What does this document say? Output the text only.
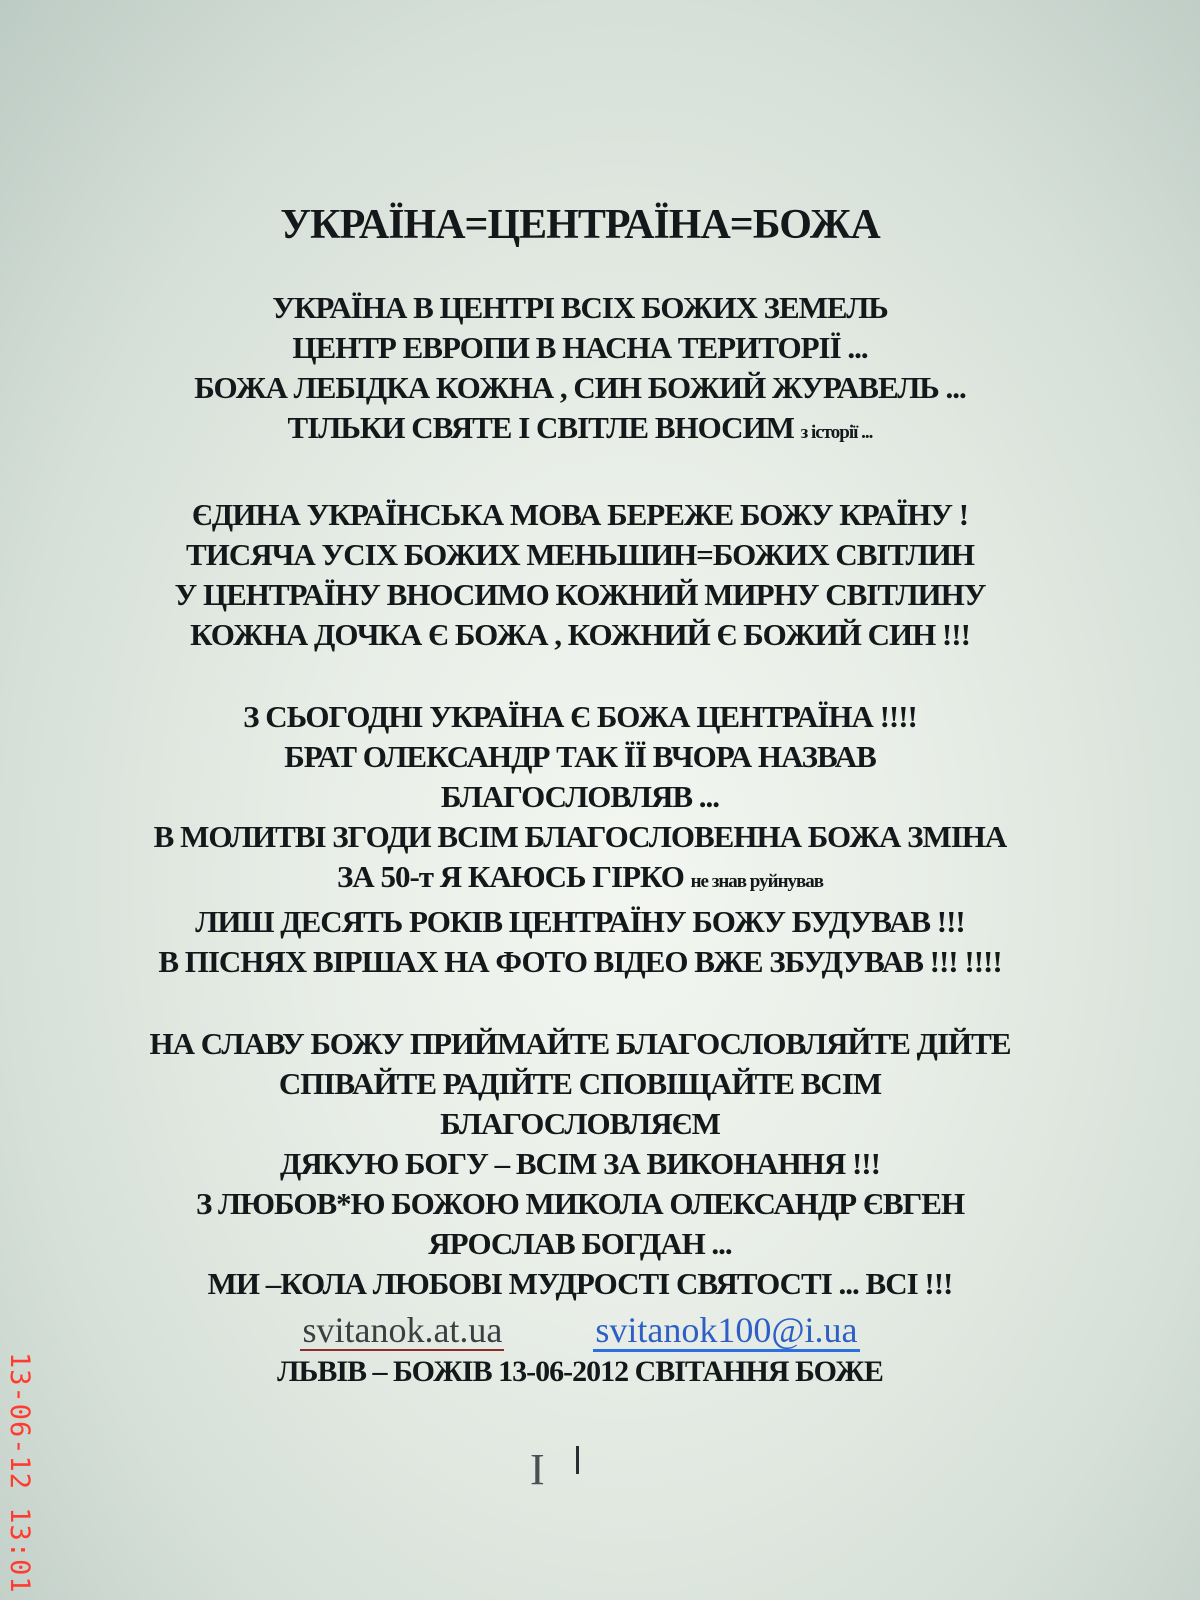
УКРАЇНА=ЦЕНТРАЇНА=БОЖА
УКРАЇНА В ЦЕНТРІ ВСІХ БОЖИХ ЗЕМЕЛЬ
ЦЕНТР ЕВРОПИ В НАСНА ТЕРИТОРІЇ ...
БОЖА ЛЕБІДКА КОЖНА , СИН БОЖИЙ ЖУРАВЕЛЬ ...
ТІЛЬКИ СВЯТЕ І СВІТЛЕ ВНОСИМ з історії ...
ЄДИНА УКРАЇНСЬКА МОВА БЕРЕЖЕ БОЖУ КРАЇНУ !
ТИСЯЧА УСІХ БОЖИХ МЕНЬШИН=БОЖИХ СВІТЛИН
У ЦЕНТРАЇНУ ВНОСИМО КОЖНИЙ МИРНУ СВІТЛИНУ
КОЖНА ДОЧКА Є БОЖА , КОЖНИЙ Є БОЖИЙ СИН !!!
З СЬОГОДНІ УКРАЇНА Є БОЖА ЦЕНТРАЇНА !!!!
БРАТ ОЛЕКСАНДР ТАК ЇЇ ВЧОРА НАЗВАВ
БЛАГОСЛОВЛЯВ ...
В МОЛИТВІ ЗГОДИ ВСІМ БЛАГОСЛОВЕННА БОЖА ЗМІНА
ЗА 50-т Я КАЮСЬ ГІРКО не знав руйнував
ЛИШ ДЕСЯТЬ РОКІВ ЦЕНТРАЇНУ БОЖУ БУДУВАВ !!!
В ПІСНЯХ ВІРШАХ НА ФОТО ВІДЕО ВЖЕ ЗБУДУВАВ !!! !!!!
НА СЛАВУ БОЖУ ПРИЙМАЙТЕ БЛАГОСЛОВЛЯЙТЕ ДІЙТЕ
СПІВАЙТЕ РАДІЙТЕ СПОВІЩАЙТЕ ВСІМ
БЛАГОСЛОВЛЯЄМ
ДЯКУЮ БОГУ – ВСІМ ЗА ВИКОНАННЯ !!!
З ЛЮБОВ*Ю БОЖОЮ МИКОЛА ОЛЕКСАНДР ЄВГЕН
ЯРОСЛАВ БОГДАН ...
МИ –КОЛА ЛЮБОВІ МУДРОСТІ СВЯТОСТІ ... ВСІ !!!
svitanok.at.ua	svitanok100@i.ua
ЛЬВІВ – БОЖІВ 13-06-2012 СВІТАННЯ БОЖЕ
I
13-06-12 13:01
